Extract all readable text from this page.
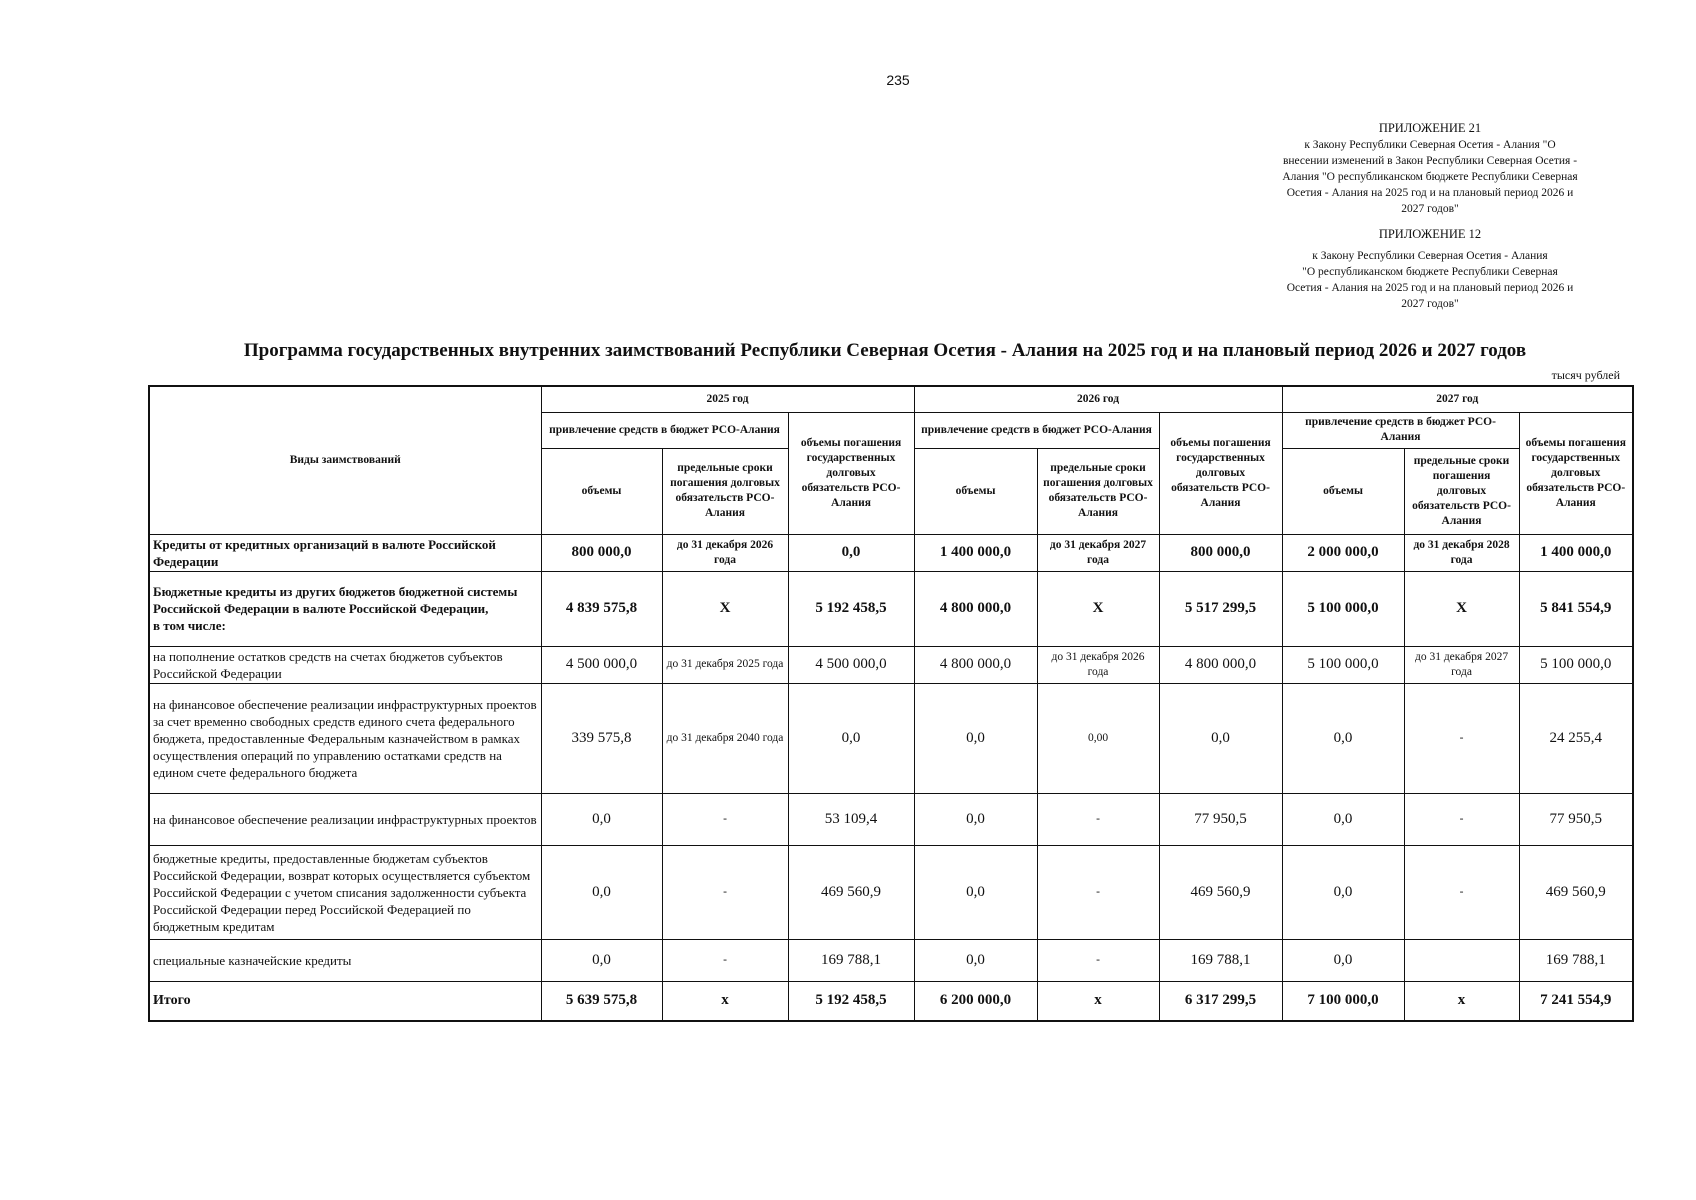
235
ПРИЛОЖЕНИЕ 21
к Закону Республики Северная Осетия - Алания "О
внесении изменений в Закон Республики Северная Осетия -
Алания "О республиканском бюджете Республики Северная
Осетия - Алания на 2025 год и на плановый период 2026 и
2027 годов"
ПРИЛОЖЕНИЕ 12
к Закону Республики Северная Осетия - Алания
"О республиканском бюджете Республики Северная
Осетия - Алания на 2025 год и на плановый период 2026 и
2027 годов"
Программа государственных внутренних заимствований Республики Северная Осетия - Алания на 2025 год и на плановый период 2026 и 2027 годов
тысяч рублей
Виды заимствований	2025 год			2026 год			2027 год		
	привлечение средств в бюджет РСО-Алания		объемы погашения государственных долговых обязательств РСО-Алания	привлечение средств в бюджет РСО-Алания		объемы погашения государственных долговых обязательств РСО-Алания	привлечение средств в бюджет РСО-Алания		объемы погашения государственных долговых обязательств РСО-Алания
	объемы	предельные сроки погашения долговых обязательств РСО-Алания		объемы	предельные сроки погашения долговых обязательств РСО-Алания		объемы	предельные сроки погашения долговых обязательств РСО-Алания	
Кредиты от кредитных организаций в валюте Российской Федерации	800 000,0	до 31 декабря 2026 года	0,0	1 400 000,0	до 31 декабря 2027 года	800 000,0	2 000 000,0	до 31 декабря 2028 года	1 400 000,0
Бюджетные кредиты из других бюджетов бюджетной системы Российской Федерации в валюте Российской Федерации,
в том числе:	4 839 575,8	X	5 192 458,5	4 800 000,0	X	5 517 299,5	5 100 000,0	X	5 841 554,9
на пополнение остатков средств на счетах бюджетов субъектов Российской Федерации	4 500 000,0	до 31 декабря 2025 года	4 500 000,0	4 800 000,0	до 31 декабря 2026 года	4 800 000,0	5 100 000,0	до 31 декабря 2027 года	5 100 000,0
на финансовое обеспечение реализации инфраструктурных проектов за счет временно свободных средств единого счета федерального бюджета, предоставленные Федеральным казначейством в рамках осуществления операций по управлению остатками средств на едином счете федерального бюджета	339 575,8	до 31 декабря 2040 года	0,0	0,0	0,00	0,0	0,0	-	24 255,4
на финансовое обеспечение реализации инфраструктурных проектов	0,0	-	53 109,4	0,0	-	77 950,5	0,0	-	77 950,5
бюджетные кредиты, предоставленные бюджетам субъектов Российской Федерации, возврат которых осуществляется субъектом Российской Федерации с учетом списания задолженности субъекта Российской Федерации перед Российской Федерацией по бюджетным кредитам	0,0	-	469 560,9	0,0	-	469 560,9	0,0	-	469 560,9
специальные казначейские кредиты	0,0	-	169 788,1	0,0	-	169 788,1	0,0		169 788,1
Итого	5 639 575,8	x	5 192 458,5	6 200 000,0	x	6 317 299,5	7 100 000,0	x	7 241 554,9
